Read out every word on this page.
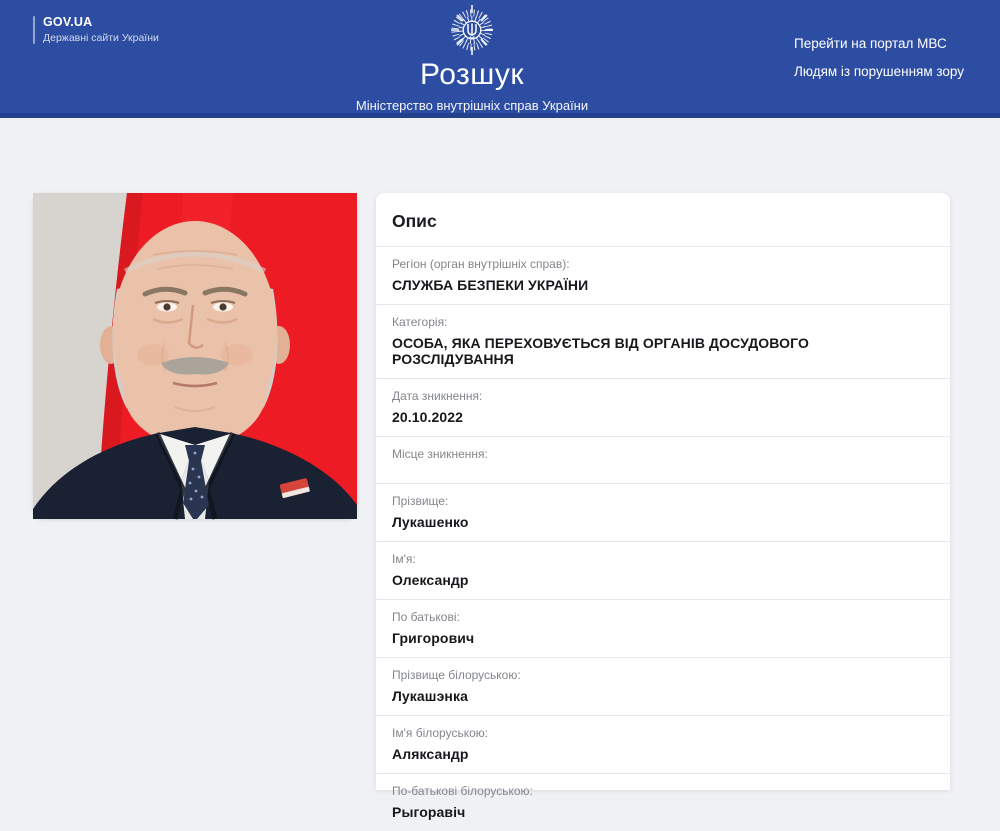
GOV.UA
Державні сайти України
Розшук
Міністерство внутрішніх справ України
Перейти на портал МВС
Людям із порушенням зору
Опис
Регіон (орган внутрішніх справ):
СЛУЖБА БЕЗПЕКИ УКРАЇНИ
Категорія:
ОСОБА, ЯКА ПЕРЕХОВУЄТЬСЯ ВІД ОРГАНІВ ДОСУДОВОГО РОЗСЛІДУВАННЯ
Дата зникнення:
20.10.2022
Місце зникнення:
Прізвище:
Лукашенко
Ім'я:
Олександр
По батькові:
Григорович
Прізвище білоруською:
Лукашэнка
Ім'я білоруською:
Аляксандр
По-батькові білоруською:
Рыгоравіч
